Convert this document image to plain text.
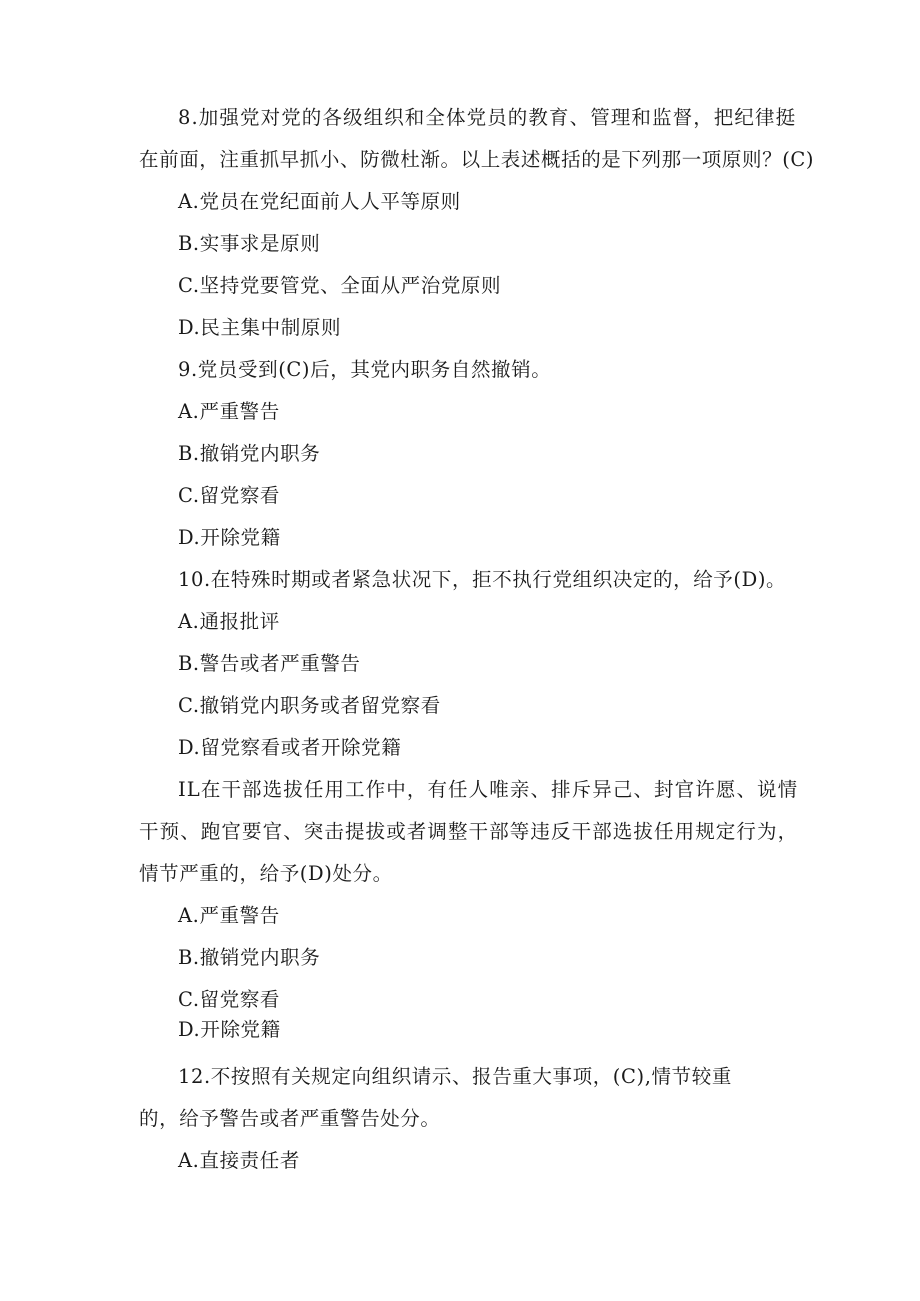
8.加强党对党的各级组织和全体党员的教育、管理和监督，把纪律挺
在前面，注重抓早抓小、防微杜渐。以上表述概括的是下列那一项原则？(C)
A.党员在党纪面前人人平等原则
B.实事求是原则
C.坚持党要管党、全面从严治党原则
D.民主集中制原则
9.党员受到(C)后，其党内职务自然撤销。
A.严重警告
B.撤销党内职务
C.留党察看
D.开除党籍
10.在特殊时期或者紧急状况下，拒不执行党组织决定的，给予(D)。
A.通报批评
B.警告或者严重警告
C.撤销党内职务或者留党察看
D.留党察看或者开除党籍
IL在干部选拔任用工作中，有任人唯亲、排斥异己、封官许愿、说情
干预、跑官要官、突击提拔或者调整干部等违反干部选拔任用规定行为，
情节严重的，给予(D)处分。
A.严重警告
B.撤销党内职务
C.留党察看
D.开除党籍
12.不按照有关规定向组织请示、报告重大事项，(C),情节较重
的，给予警告或者严重警告处分。
A.直接责任者
